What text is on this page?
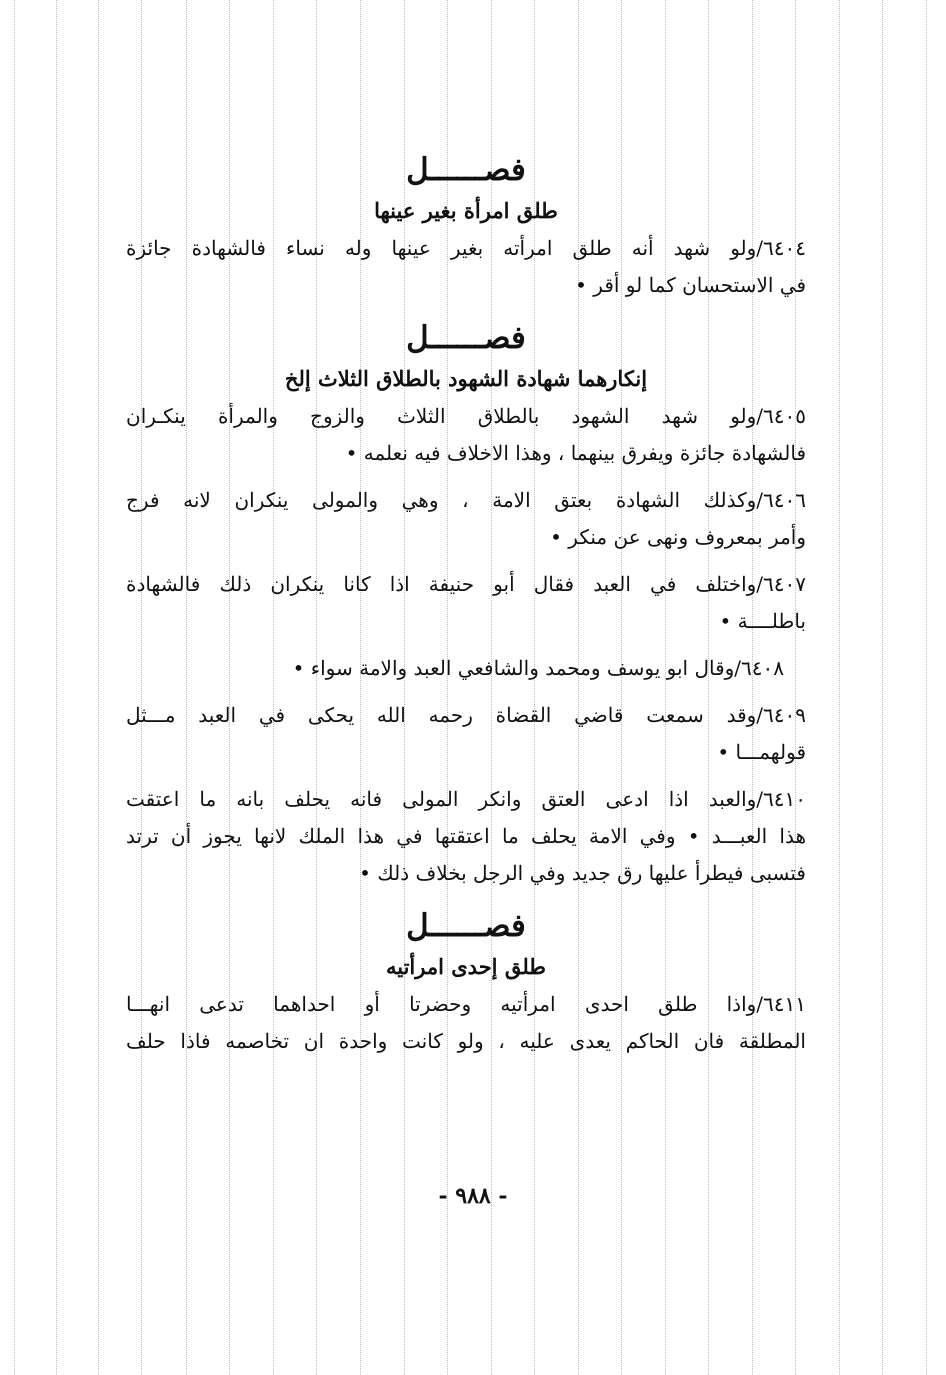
فصــــــل

طلق امرأة بغير عينها

٦٤٠٤/ولو شهد أنه طلق امرأته بغير عينها وله نساء فالشهادة جائزة
في الاستحسان كما لو أقر •

فصــــــل

إنكارهما شهادة الشهود بالطلاق الثلاث إلخ

٦٤٠٥/ولو شهد الشهود بالطلاق الثلاث والزوج والمرأة ينكـران
فالشهادة جائزة ويفرق بينهما ، وهذا الاخلاف فيه نعلمه •
٦٤٠٦/وكذلك الشهادة بعتق الامة ، وهي والمولى ينكران لانه فرج
وأمر بمعروف ونهى عن منكر •
٦٤٠٧/واختلف في العبد فقال أبو حنيفة اذا كانا ينكران ذلك فالشهادة
باطلــــة •
٦٤٠٨/وقال ابو يوسف ومحمد والشافعي العبد والامة سواء •
٦٤٠٩/وقد سمعت قاضي القضاة رحمه الله يحكى في العبد مـــثل
قولهمـــا •
٦٤١٠/والعبد اذا ادعى العتق وانكر المولى فانه يحلف بانه ما اعتقت
هذا العبـــد • وفي الامة يحلف ما اعتقتها في هذا الملك لانها يجوز أن ترتد
فتسبى فيطرأ عليها رق جديد وفي الرجل بخلاف ذلك •

فصــــــل

طلق إحدى امرأتيه

٦٤١١/واذا طلق احدى امرأتيه وحضرتا أو احداهما تدعى انهـــا
المطلقة فان الحاكم يعدى عليه ، ولو كانت واحدة ان تخاصمه فاذا حلف
- ٩٨٨ -
